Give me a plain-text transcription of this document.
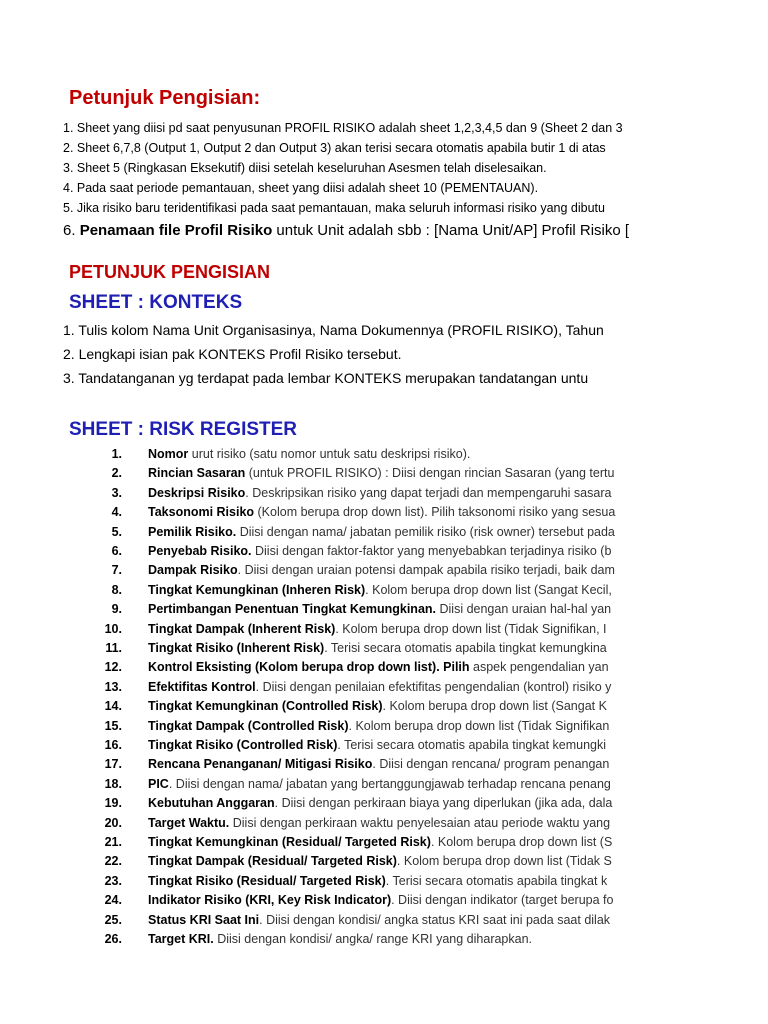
Petunjuk Pengisian:
1. Sheet yang diisi pd saat penyusunan PROFIL RISIKO adalah sheet 1,2,3,4,5 dan 9 (Sheet 2 dan 3
2. Sheet 6,7,8 (Output 1, Output 2 dan Output 3) akan terisi secara otomatis apabila butir 1 di atas
3. Sheet 5 (Ringkasan Eksekutif) diisi setelah keseluruhan Asesmen telah diselesaikan.
4. Pada saat periode pemantauan, sheet yang diisi adalah sheet 10 (PEMENTAUAN).
5. Jika risiko baru teridentifikasi pada saat pemantauan, maka seluruh informasi risiko yang dibutu
6. Penamaan file Profil Risiko untuk Unit adalah sbb : [Nama Unit/AP] Profil Risiko [
PETUNJUK PENGISIAN
SHEET : KONTEKS
1. Tulis kolom Nama Unit Organisasinya, Nama Dokumennya (PROFIL RISIKO), Tahun
2. Lengkapi isian pak KONTEKS Profil Risiko tersebut.
3. Tandatanganan yg terdapat pada lembar KONTEKS merupakan tandatangan untu
SHEET : RISK REGISTER
1. Nomor urut risiko (satu nomor untuk satu deskripsi risiko).
2. Rincian Sasaran (untuk PROFIL RISIKO) : Diisi dengan rincian Sasaran (yang tertu
3. Deskripsi Risiko. Deskripsikan risiko yang dapat terjadi dan mempengaruhi sasara
4. Taksonomi Risiko (Kolom berupa drop down list). Pilih taksonomi risiko yang sesua
5. Pemilik Risiko. Diisi dengan nama/ jabatan pemilik risiko (risk owner) tersebut pada
6. Penyebab Risiko. Diisi dengan faktor-faktor yang menyebabkan terjadinya risiko (b
7. Dampak Risiko. Diisi dengan uraian potensi dampak apabila risiko terjadi, baik dam
8. Tingkat Kemungkinan (Inheren Risk). Kolom berupa drop down list (Sangat Kecil,
9. Pertimbangan Penentuan Tingkat Kemungkinan. Diisi dengan uraian hal-hal yan
10. Tingkat Dampak (Inherent Risk). Kolom berupa drop down list (Tidak Signifikan, I
11. Tingkat Risiko (Inherent Risk). Terisi secara otomatis apabila tingkat kemungkina
12. Kontrol Eksisting (Kolom berupa drop down list). Pilih aspek pengendalian yan
13. Efektifitas Kontrol. Diisi dengan penilaian efektifitas pengendalian (kontrol) risiko y
14. Tingkat Kemungkinan (Controlled Risk). Kolom berupa drop down list (Sangat K
15. Tingkat Dampak (Controlled Risk). Kolom berupa drop down list (Tidak Signifikan
16. Tingkat Risiko (Controlled Risk). Terisi secara otomatis apabila tingkat kemungki
17. Rencana Penanganan/ Mitigasi Risiko. Diisi dengan rencana/ program penangan
18. PIC. Diisi dengan nama/ jabatan yang bertanggungjawab terhadap rencana penang
19. Kebutuhan Anggaran. Diisi dengan perkiraan biaya yang diperlukan (jika ada, dala
20. Target Waktu. Diisi dengan perkiraan waktu penyelesaian atau periode waktu yang
21. Tingkat Kemungkinan (Residual/ Targeted Risk). Kolom berupa drop down list (S
22. Tingkat Dampak (Residual/ Targeted Risk). Kolom berupa drop down list (Tidak S
23. Tingkat Risiko (Residual/ Targeted Risk). Terisi secara otomatis apabila tingkat k
24. Indikator Risiko (KRI, Key Risk Indicator). Diisi dengan indikator (target berupa fo
25. Status KRI Saat Ini. Diisi dengan kondisi/ angka status KRI saat ini pada saat dilak
26. Target KRI. Diisi dengan kondisi/ angka/ range KRI yang diharapkan.
